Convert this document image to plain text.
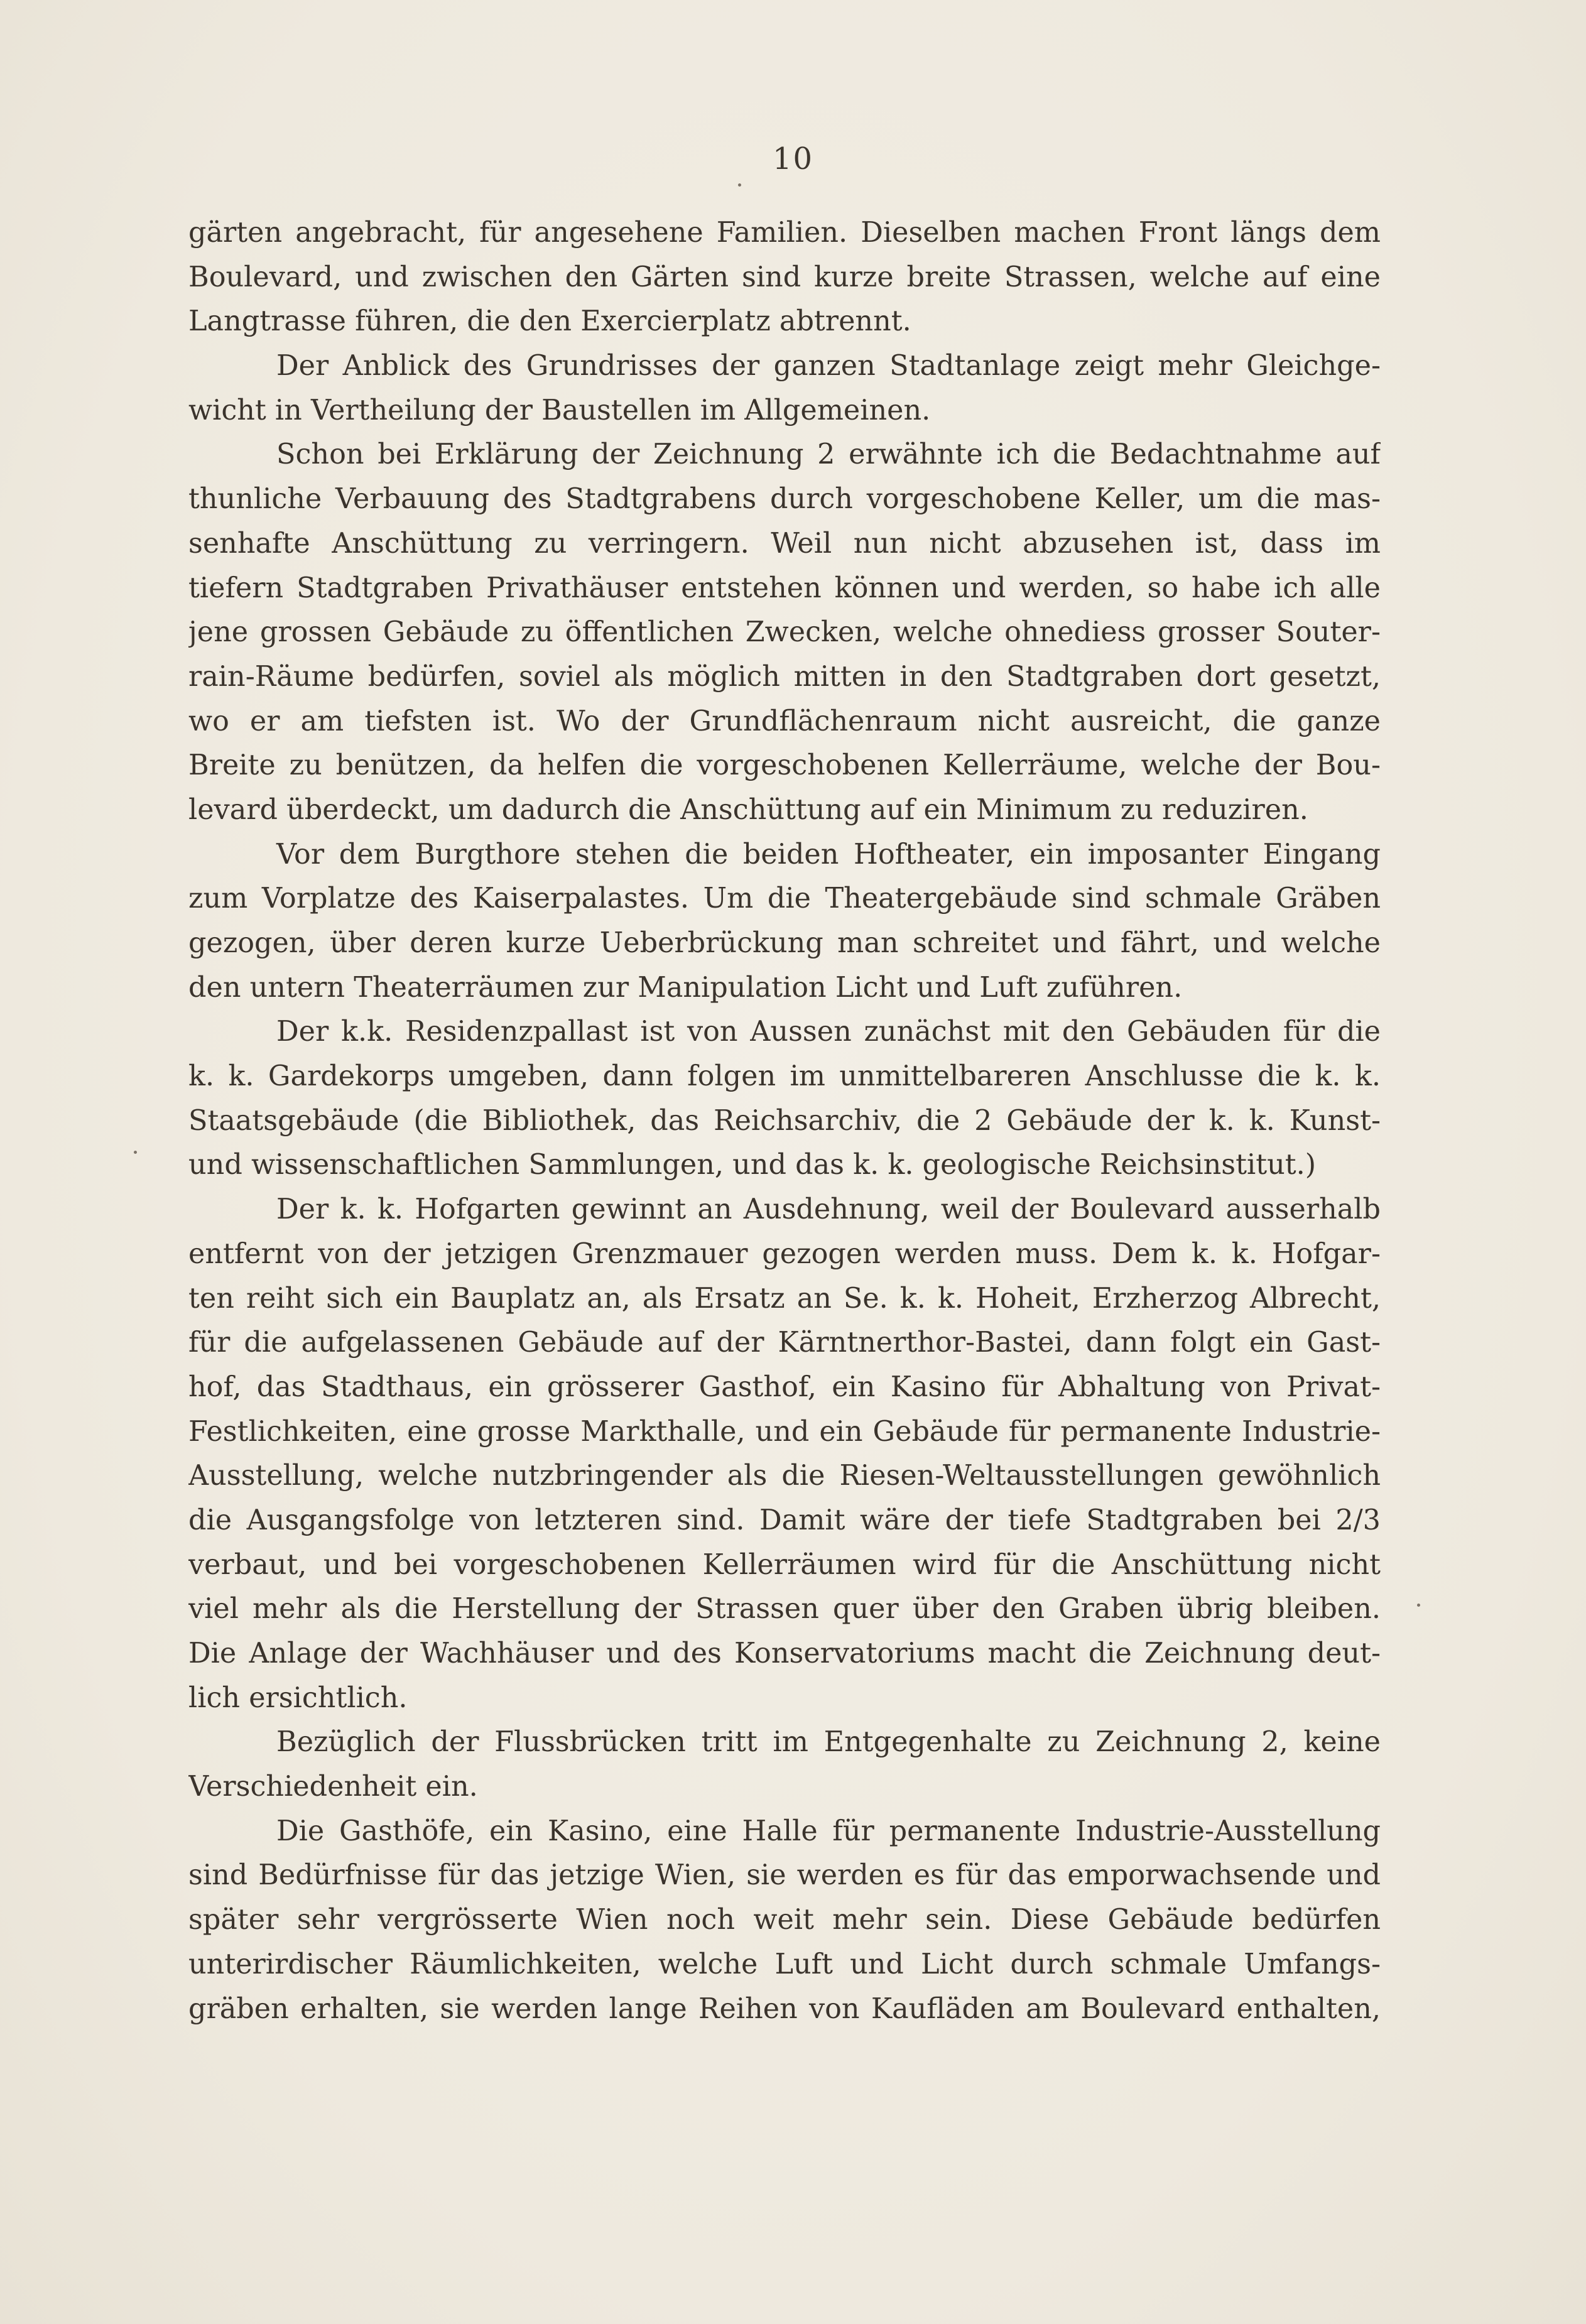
10
gärten angebracht, für angesehene Familien. Dieselben machen Front längs dem
Boulevard, und zwischen den Gärten sind kurze breite Strassen, welche auf eine
Langtrasse führen, die den Exercierplatz abtrennt.
Der Anblick des Grundrisses der ganzen Stadtanlage zeigt mehr Gleichge-
wicht in Vertheilung der Baustellen im Allgemeinen.
Schon bei Erklärung der Zeichnung 2 erwähnte ich die Bedachtnahme auf
thunliche Verbauung des Stadtgrabens durch vorgeschobene Keller, um die mas-
senhafte Anschüttung zu verringern. Weil nun nicht abzusehen ist, dass im
tiefern Stadtgraben Privathäuser entstehen können und werden, so habe ich alle
jene grossen Gebäude zu öffentlichen Zwecken, welche ohnediess grosser Souter-
rain-Räume bedürfen, soviel als möglich mitten in den Stadtgraben dort gesetzt,
wo er am tiefsten ist. Wo der Grundflächenraum nicht ausreicht, die ganze
Breite zu benützen, da helfen die vorgeschobenen Kellerräume, welche der Bou-
levard überdeckt, um dadurch die Anschüttung auf ein Minimum zu reduziren.
Vor dem Burgthore stehen die beiden Hoftheater, ein imposanter Eingang
zum Vorplatze des Kaiserpalastes. Um die Theatergebäude sind schmale Gräben
gezogen, über deren kurze Ueberbrückung man schreitet und fährt, und welche
den untern Theaterräumen zur Manipulation Licht und Luft zuführen.
Der k.k. Residenzpallast ist von Aussen zunächst mit den Gebäuden für die
k. k. Gardekorps umgeben, dann folgen im unmittelbareren Anschlusse die k. k.
Staatsgebäude (die Bibliothek, das Reichsarchiv, die 2 Gebäude der k. k. Kunst-
und wissenschaftlichen Sammlungen, und das k. k. geologische Reichsinstitut.)
Der k. k. Hofgarten gewinnt an Ausdehnung, weil der Boulevard ausserhalb
entfernt von der jetzigen Grenzmauer gezogen werden muss. Dem k. k. Hofgar-
ten reiht sich ein Bauplatz an, als Ersatz an Se. k. k. Hoheit, Erzherzog Albrecht,
für die aufgelassenen Gebäude auf der Kärntnerthor-Bastei, dann folgt ein Gast-
hof, das Stadthaus, ein grösserer Gasthof, ein Kasino für Abhaltung von Privat-
Festlichkeiten, eine grosse Markthalle, und ein Gebäude für permanente Industrie-
Ausstellung, welche nutzbringender als die Riesen-Weltausstellungen gewöhnlich
die Ausgangsfolge von letzteren sind. Damit wäre der tiefe Stadtgraben bei 2/3
verbaut, und bei vorgeschobenen Kellerräumen wird für die Anschüttung nicht
viel mehr als die Herstellung der Strassen quer über den Graben übrig bleiben.
Die Anlage der Wachhäuser und des Konservatoriums macht die Zeichnung deut-
lich ersichtlich.
Bezüglich der Flussbrücken tritt im Entgegenhalte zu Zeichnung 2, keine
Verschiedenheit ein.
Die Gasthöfe, ein Kasino, eine Halle für permanente Industrie-Ausstellung
sind Bedürfnisse für das jetzige Wien, sie werden es für das emporwachsende und
später sehr vergrösserte Wien noch weit mehr sein. Diese Gebäude bedürfen
unterirdischer Räumlichkeiten, welche Luft und Licht durch schmale Umfangs-
gräben erhalten, sie werden lange Reihen von Kaufläden am Boulevard enthalten,
